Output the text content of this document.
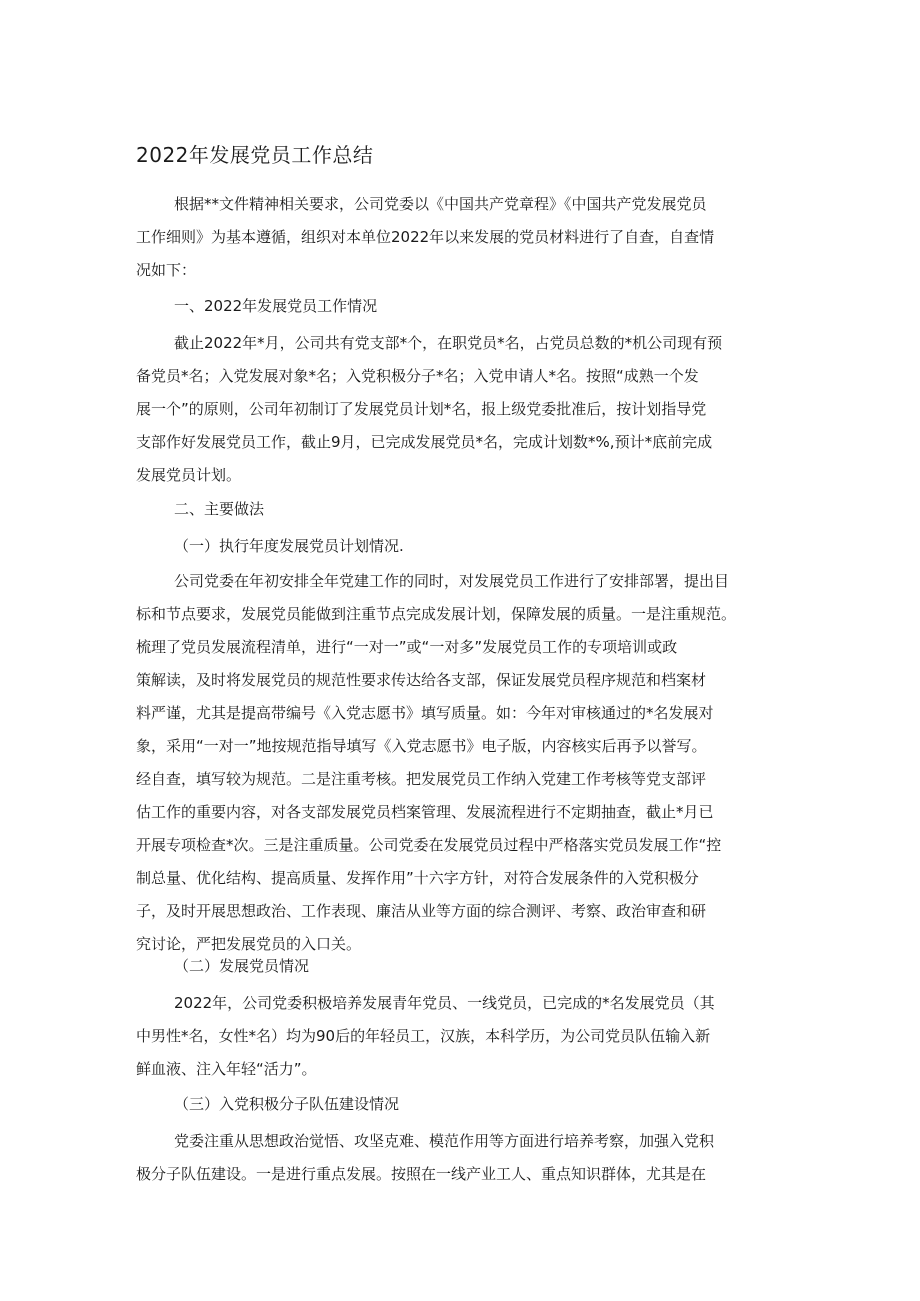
2022年发展党员工作总结
根据**文件精神相关要求，公司党委以《中国共产党章程》《中国共产党发展党员
工作细则》为基本遵循，组织对本单位2022年以来发展的党员材料进行了自查，自查情
况如下：
一、2022年发展党员工作情况
截止2022年*月，公司共有党支部*个，在职党员*名，占党员总数的*机公司现有预
备党员*名；入党发展对象*名；入党积极分子*名；入党申请人*名。按照“成熟一个发
展一个”的原则，公司年初制订了发展党员计划*名，报上级党委批准后，按计划指导党
支部作好发展党员工作，截止9月，已完成发展党员*名，完成计划数*%,预计*底前完成
发展党员计划。
二、主要做法
（一）执行年度发展党员计划情况.
公司党委在年初安排全年党建工作的同时，对发展党员工作进行了安排部署，提出目
标和节点要求，发展党员能做到注重节点完成发展计划，保障发展的质量。一是注重规范。
梳理了党员发展流程清单，进行“一对一”或“一对多”发展党员工作的专项培训或政
策解读，及时将发展党员的规范性要求传达给各支部，保证发展党员程序规范和档案材
料严谨，尤其是提高带编号《入党志愿书》填写质量。如：今年对审核通过的*名发展对
象，采用“一对一”地按规范指导填写《入党志愿书》电子版，内容核实后再予以誉写。
经自查，填写较为规范。二是注重考核。把发展党员工作纳入党建工作考核等党支部评
估工作的重要内容，对各支部发展党员档案管理、发展流程进行不定期抽查，截止*月已
开展专项检查*次。三是注重质量。公司党委在发展党员过程中严格落实党员发展工作“控
制总量、优化结构、提高质量、发挥作用”十六字方针，对符合发展条件的入党积极分
子，及时开展思想政治、工作表现、廉洁从业等方面的综合测评、考察、政治审查和研
究讨论，严把发展党员的入口关。
（二）发展党员情况
2022年，公司党委积极培养发展青年党员、一线党员，已完成的*名发展党员（其
中男性*名，女性*名）均为90后的年轻员工，汉族，本科学历，为公司党员队伍输入新
鲜血液、注入年轻“活力”。
（三）入党积极分子队伍建设情况
党委注重从思想政治觉悟、攻坚克难、模范作用等方面进行培养考察，加强入党积
极分子队伍建设。一是进行重点发展。按照在一线产业工人、重点知识群体，尤其是在
